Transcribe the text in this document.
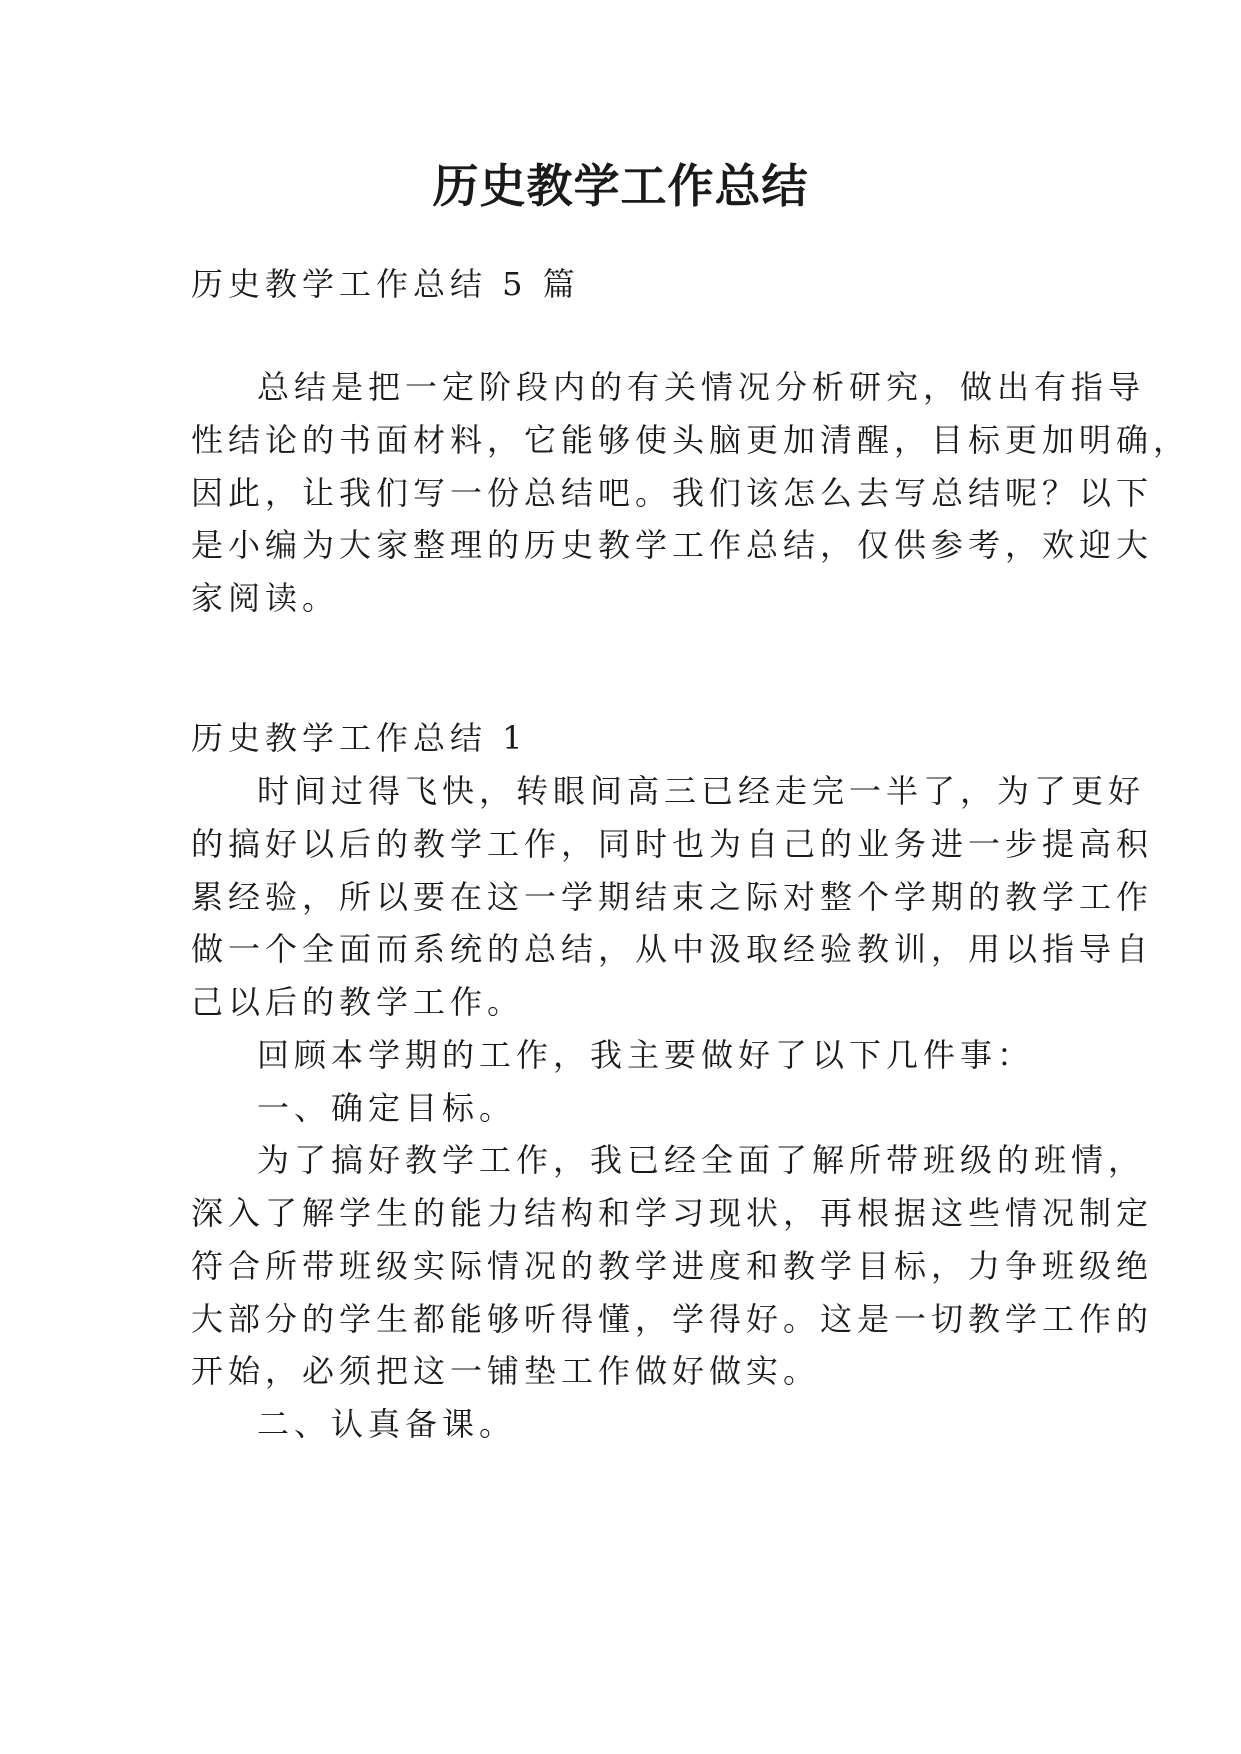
历史教学工作总结

历史教学工作总结 5 篇

总结是把一定阶段内的有关情况分析研究，做出有指导

性结论的书面材料，它能够使头脑更加清醒，目标更加明确，

因此，让我们写一份总结吧。我们该怎么去写总结呢？以下

是小编为大家整理的历史教学工作总结，仅供参考，欢迎大

家阅读。

历史教学工作总结 1

时间过得飞快，转眼间高三已经走完一半了，为了更好

的搞好以后的教学工作，同时也为自己的业务进一步提高积

累经验，所以要在这一学期结束之际对整个学期的教学工作

做一个全面而系统的总结，从中汲取经验教训，用以指导自

己以后的教学工作。

回顾本学期的工作，我主要做好了以下几件事：

一、确定目标。

为了搞好教学工作，我已经全面了解所带班级的班情，

深入了解学生的能力结构和学习现状，再根据这些情况制定

符合所带班级实际情况的教学进度和教学目标，力争班级绝

大部分的学生都能够听得懂，学得好。这是一切教学工作的

开始，必须把这一铺垫工作做好做实。

二、认真备课。
